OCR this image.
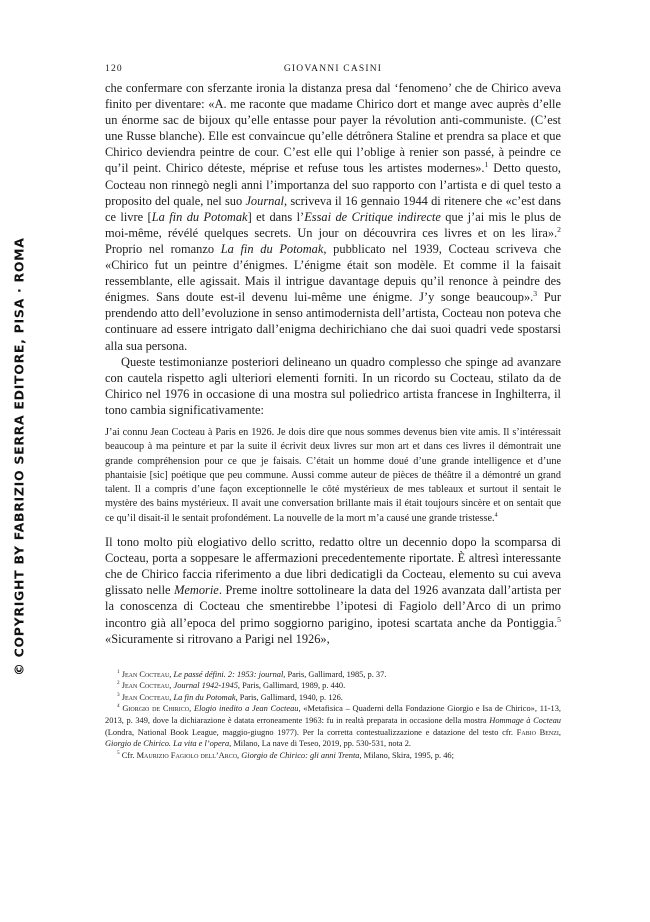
© COPYRIGHT BY FABRIZIO SERRA EDITORE, PISA · ROMA
120	GIOVANNI CASINI

che confermare con sferzante ironia la distanza presa dal ‘fenomeno’ che de Chirico aveva finito per diventare: «A. me raconte que madame Chirico dort et mange avec auprès d’elle un énorme sac de bijoux qu’elle entasse pour payer la révolution anti-communiste. (C’est une Russe blanche). Elle est convaincue qu’elle détrônera Staline et prendra sa place et que Chirico deviendra peintre de cour. C’est elle qui l’oblige à renier son passé, à peindre ce qu’il peint. Chirico déteste, méprise et refuse tous les artistes modernes».$^1$ Detto questo, Cocteau non rinnegò negli anni l’importanza del suo rapporto con l’artista e di quel testo a proposito del quale, nel suo Journal, scriveva il 16 gennaio 1944 di ritenere che «c’est dans ce livre [La fin du Potomak] et dans l’Essai de Critique indirecte que j’ai mis le plus de moi-même, révélé quelques secrets. Un jour on découvrira ces livres et on les lira».$^2$ Proprio nel romanzo La fin du Potomak, pubblicato nel 1939, Cocteau scriveva che «Chirico fut un peintre d’énigmes. L’énigme était son modèle. Et comme il la faisait ressemblante, elle agissait. Mais il intrigue davantage depuis qu’il renonce à peindre des énigmes. Sans doute est-il devenu lui-même une énigme. J’y songe beaucoup».$^3$ Pur prendendo atto dell’evoluzione in senso antimodernista dell’artista, Cocteau non poteva che continuare ad essere intrigato dall’enigma dechirichiano che dai suoi quadri vede spostarsi alla sua persona.

Queste testimonianze posteriori delineano un quadro complesso che spinge ad avanzare con cautela rispetto agli ulteriori elementi forniti. In un ricordo su Cocteau, stilato da de Chirico nel 1976 in occasione di una mostra sul poliedrico artista francese in Inghilterra, il tono cambia significativamente:

J’ai connu Jean Cocteau à Paris en 1926. Je dois dire que nous sommes devenus bien vite amis. Il s’intéressait beaucoup à ma peinture et par la suite il écrivit deux livres sur mon art et dans ces livres il démontrait une grande compréhension pour ce que je faisais. C’était un homme doué d’une grande intelligence et d’une phantaisie [sic] poétique que peu commune. Aussi comme auteur de pièces de théâtre il a démontré un grand talent. Il a compris d’une façon exceptionnelle le côté mystérieux de mes tableaux et surtout il sentait le mystère des bains mystérieux. Il avait une conversation brillante mais il était toujours sincère et on sentait que ce qu’il disait-il le sentait profondément. La nouvelle de la mort m’a causé une grande tristesse.$^4$

Il tono molto più elogiativo dello scritto, redatto oltre un decennio dopo la scomparsa di Cocteau, porta a soppesare le affermazioni precedentemente riportate. È altresì interessante che de Chirico faccia riferimento a due libri dedicatigli da Cocteau, elemento su cui aveva glissato nelle Memorie. Preme inoltre sottolineare la data del 1926 avanzata dall’artista per la conoscenza di Cocteau che smentirebbe l’ipotesi di Fagiolo dell’Arco di un primo incontro già all’epoca del primo soggiorno parigino, ipotesi scartata anche da Pontiggia.$^5$ «Sicuramente si ritrovano a Parigi nel 1926»,

$^1$ Jean Cocteau, Le passé défini. 2: 1953: journal, Paris, Gallimard, 1985, p. 37.

$^2$ Jean Cocteau, Journal 1942-1945, Paris, Gallimard, 1989, p. 440.

$^3$ Jean Cocteau, La fin du Potomak, Paris, Gallimard, 1940, p. 126.

$^4$ Giorgio de Chirico, Elogio inedito a Jean Cocteau, «Metafisica – Quaderni della Fondazione Giorgio e Isa de Chirico», 11-13, 2013, p. 349, dove la dichiarazione è datata erroneamente 1963: fu in realtà preparata in occasione della mostra Hommage à Cocteau (Londra, National Book League, maggio-giugno 1977). Per la corretta contestualizzazione e datazione del testo cfr. Fabio Benzi, Giorgio de Chirico. La vita e l’opera, Milano, La nave di Teseo, 2019, pp. 530-531, nota 2.

$^5$ Cfr. Maurizio Fagiolo dell’Arco, Giorgio de Chirico: gli anni Trenta, Milano, Skira, 1995, p. 46;
